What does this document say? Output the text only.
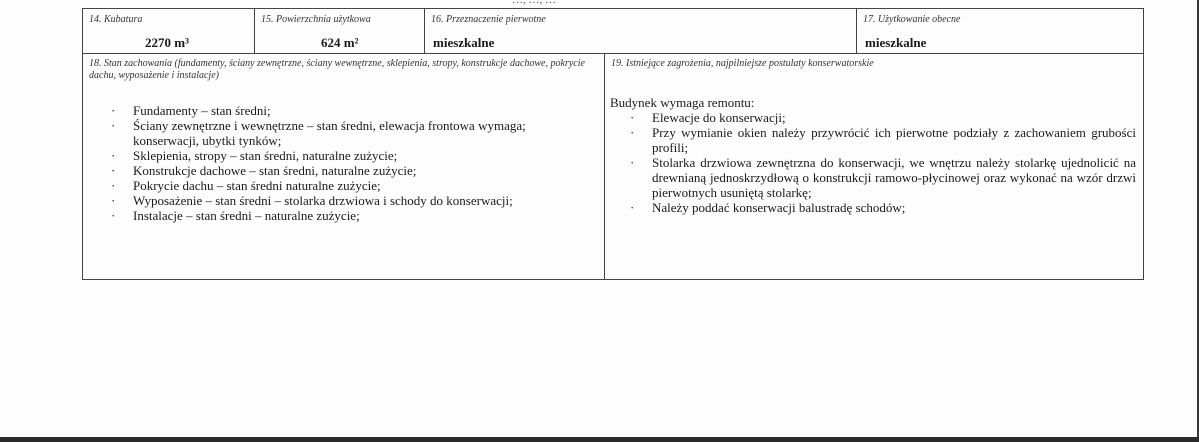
…, …, …
14. Kubatura
2270 m³
15. Powierzchnia użytkowa
624 m²
16. Przeznaczenie pierwotne
mieszkalne
17. Użytkowanie obecne
mieszkalne
18. Stan zachowania (fundamenty, ściany zewnętrzne, ściany wewnętrzne, sklepienia, stropy, konstrukcje dachowe, pokrycie dachu, wyposażenie i instalacje)
·	Fundamenty – stan średni;
·	Ściany zewnętrzne i wewnętrzne – stan średni, elewacja frontowa wymaga; konserwacji, ubytki tynków;
·	Sklepienia, stropy – stan średni, naturalne zużycie;
·	Konstrukcje dachowe – stan średni, naturalne zużycie;
·	Pokrycie dachu – stan średni naturalne zużycie;
·	Wyposażenie – stan średni – stolarka drzwiowa i schody do konserwacji;
·	Instalacje – stan średni – naturalne zużycie;
19. Istniejące zagrożenia, najpilniejsze postulaty konserwatorskie
Budynek wymaga remontu:
·	Elewacje do konserwacji;
·	Przy wymianie okien należy przywrócić ich pierwotne podziały z zachowaniem grubości profili;
·	Stolarka drzwiowa zewnętrzna do konserwacji, we wnętrzu należy stolarkę ujednolicić na drewnianą jednoskrzydłową o konstrukcji ramowo-płycinowej oraz wykonać na wzór drzwi pierwotnych usuniętą stolarkę;
·	Należy poddać konserwacji balustradę schodów;
